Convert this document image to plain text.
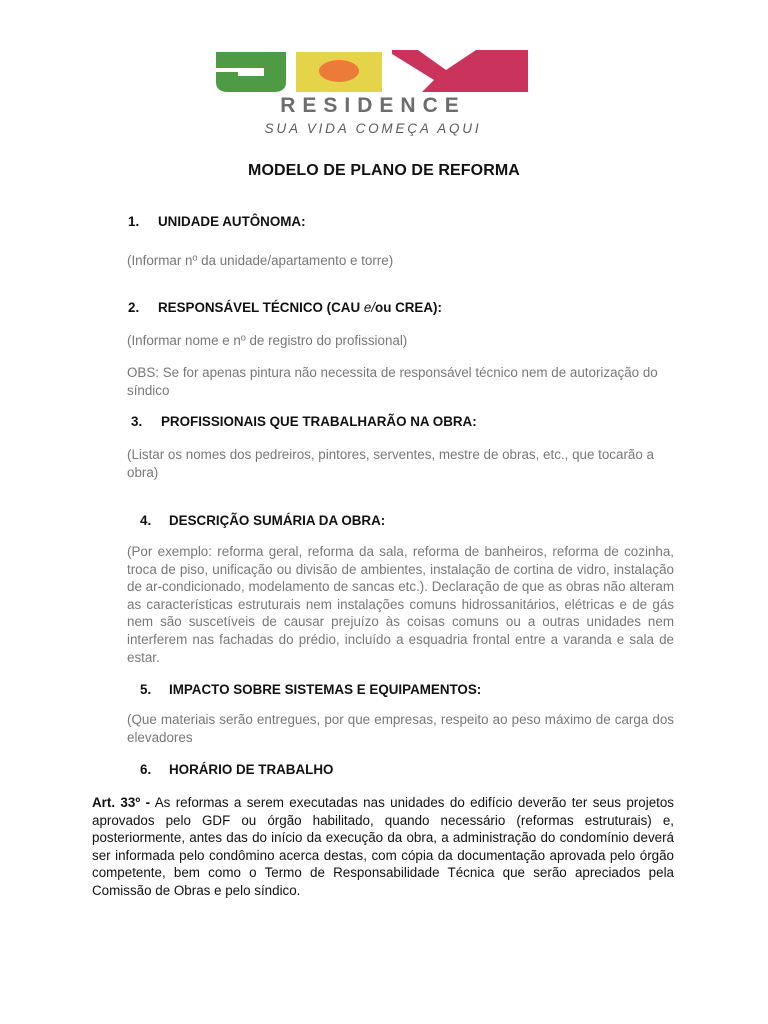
RESIDENCE
SUA VIDA COMEÇA AQUI
MODELO DE PLANO DE REFORMA
1. UNIDADE AUTÔNOMA:
(Informar nº da unidade/apartamento e torre)
2. RESPONSÁVEL TÉCNICO (CAU e/ou CREA):
(Informar nome e nº de registro do profissional)
OBS: Se for apenas pintura não necessita de responsável técnico nem de autorização do síndico
3. PROFISSIONAIS QUE TRABALHARÃO NA OBRA:
(Listar os nomes dos pedreiros, pintores, serventes, mestre de obras, etc., que tocarão a obra)
4. DESCRIÇÃO SUMÁRIA DA OBRA:
(Por exemplo: reforma geral, reforma da sala, reforma de banheiros, reforma de cozinha, troca de piso, unificação ou divisão de ambientes, instalação de cortina de vidro, instalação de ar-condicionado, modelamento de sancas etc.). Declaração de que as obras não alteram as características estruturais nem instalações comuns hidrossanitários, elétricas e de gás nem são suscetíveis de causar prejuízo às coisas comuns ou a outras unidades nem interferem nas fachadas do prédio, incluído a esquadria frontal entre a varanda e sala de estar.
5. IMPACTO SOBRE SISTEMAS E EQUIPAMENTOS:
(Que materiais serão entregues, por que empresas, respeito ao peso máximo de carga dos elevadores
6. HORÁRIO DE TRABALHO
Art. 33º - As reformas a serem executadas nas unidades do edifício deverão ter seus projetos aprovados pelo GDF ou órgão habilitado, quando necessário (reformas estruturais) e, posteriormente, antes das do início da execução da obra, a administração do condomínio deverá ser informada pelo condômino acerca destas, com cópia da documentação aprovada pelo órgão competente, bem como o Termo de Responsabilidade Técnica que serão apreciados pela Comissão de Obras e pelo síndico.
